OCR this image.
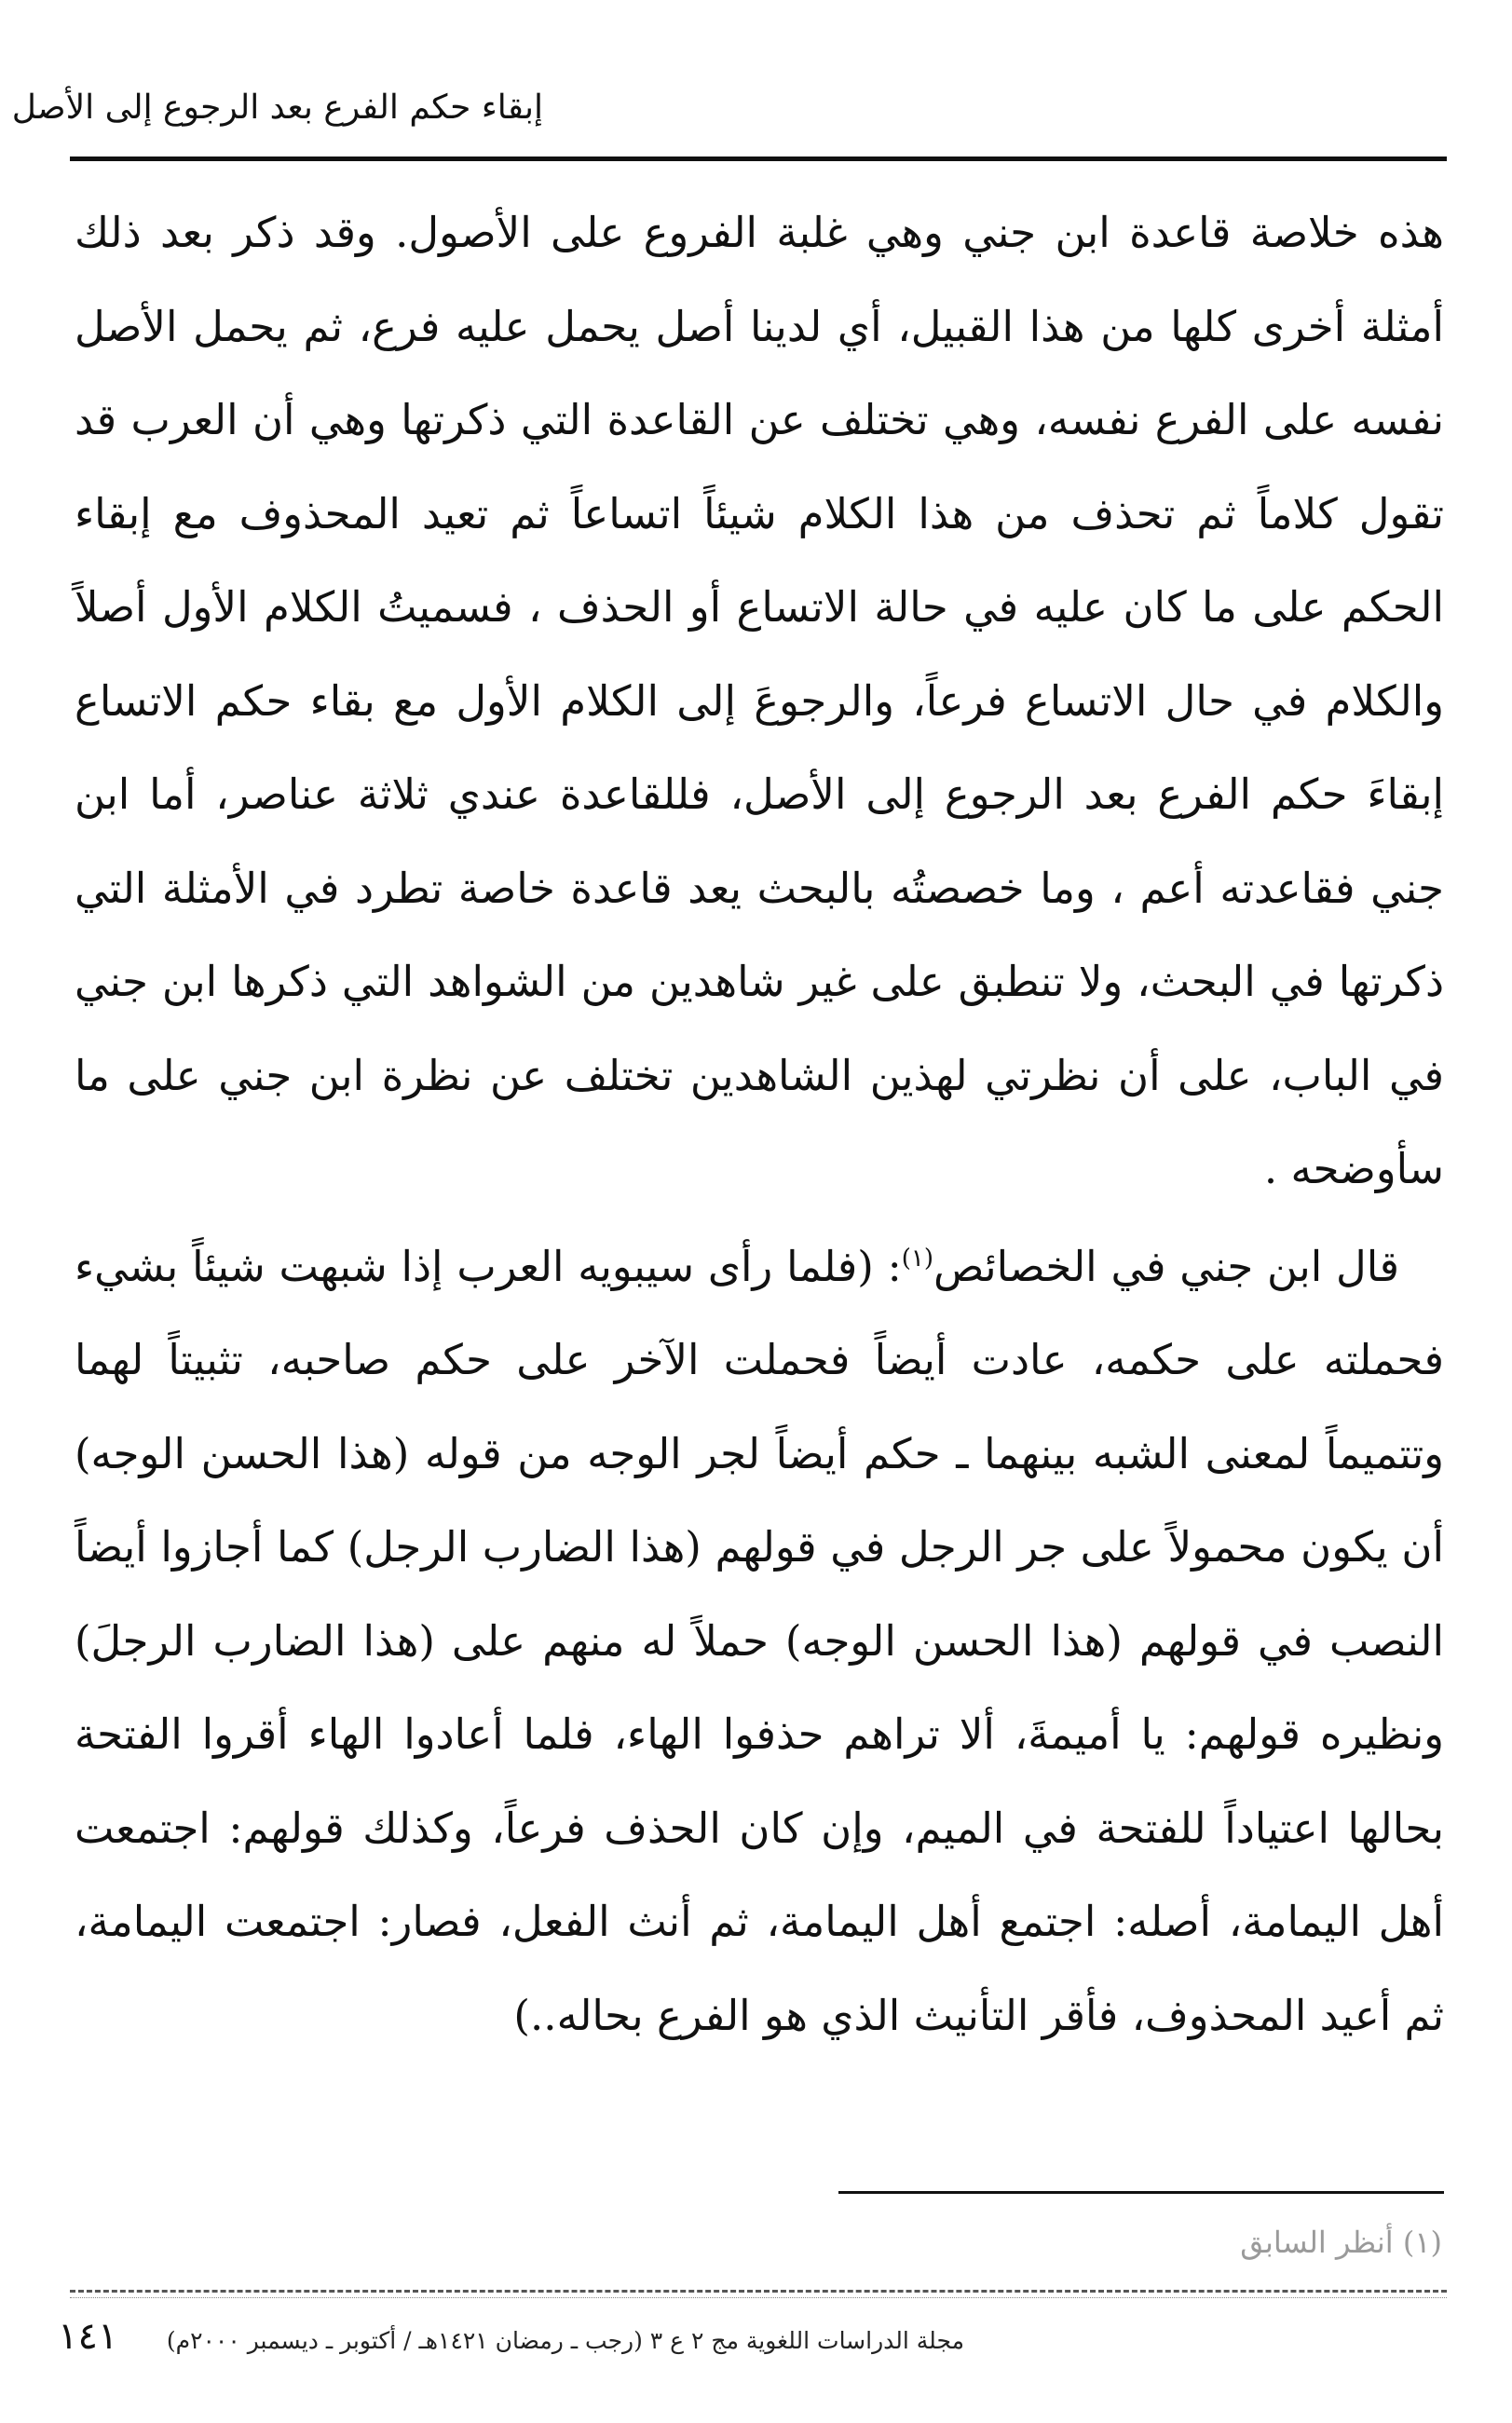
إبقاء حكم الفرع بعد الرجوع إلى الأصل

هذه خلاصة قاعدة ابن جني وهي غلبة الفروع على الأصول. وقد ذكر بعد ذلك أمثلة أخرى كلها من هذا القبيل، أي لدينا أصل يحمل عليه فرع، ثم يحمل الأصل نفسه على الفرع نفسه، وهي تختلف عن القاعدة التي ذكرتها وهي أن العرب قد تقول كلاماً ثم تحذف من هذا الكلام شيئاً اتساعاً ثم تعيد المحذوف مع إبقاء الحكم على ما كان عليه في حالة الاتساع أو الحذف ، فسميتُ الكلام الأول أصلاً والكلام في حال الاتساع فرعاً، والرجوعَ إلى الكلام الأول مع بقاء حكم الاتساع إبقاءَ حكم الفرع بعد الرجوع إلى الأصل، فللقاعدة عندي ثلاثة عناصر، أما ابن جني فقاعدته أعم ، وما خصصتُه بالبحث يعد قاعدة خاصة تطرد في الأمثلة التي ذكرتها في البحث، ولا تنطبق على غير شاهدين من الشواهد التي ذكرها ابن جني في الباب، على أن نظرتي لهذين الشاهدين تختلف عن نظرة ابن جني على ما سأوضحه .

قال ابن جني في الخصائص$^{(١)}$: (فلما رأى سيبويه العرب إذا شبهت شيئاً بشيء فحملته على حكمه، عادت أيضاً فحملت الآخر على حكم صاحبه، تثبيتاً لهما وتتميماً لمعنى الشبه بينهما ـ حكم أيضاً لجر الوجه من قوله (هذا الحسن الوجه) أن يكون محمولاً على جر الرجل في قولهم (هذا الضارب الرجل) كما أجازوا أيضاً النصب في قولهم (هذا الحسن الوجه) حملاً له منهم على (هذا الضارب الرجلَ) ونظيره قولهم: يا أميمةَ، ألا تراهم حذفوا الهاء، فلما أعادوا الهاء أقروا الفتحة بحالها اعتياداً للفتحة في الميم، وإن كان الحذف فرعاً، وكذلك قولهم: اجتمعت أهل اليمامة، أصله: اجتمع أهل اليمامة، ثم أنث الفعل، فصار: اجتمعت اليمامة، ثم أعيد المحذوف، فأقر التأنيث الذي هو الفرع بحاله..)

(١) أنظر السابق
مجلة الدراسات اللغوية مج ٢ ع ٣ (رجب ـ رمضان ١٤٢١هـ / أكتوبر ـ ديسمبر ٢٠٠٠م)
١٤١
